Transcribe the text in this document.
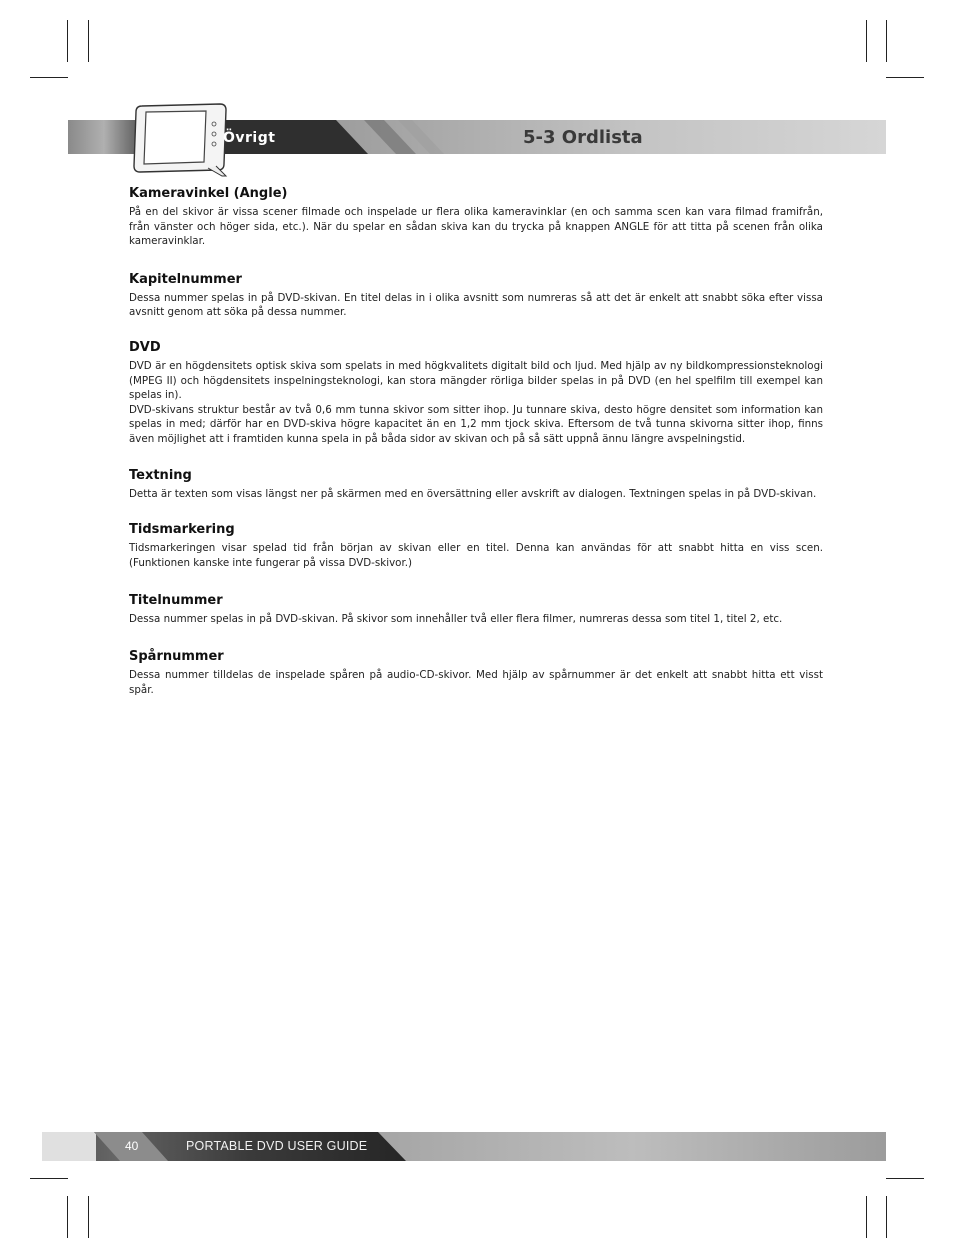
Övrigt	5-3 Ordlista
Kameravinkel (Angle)

På en del skivor är vissa scener filmade och inspelade ur flera olika kameravinklar (en och samma scen kan vara filmad framifrån, från vänster och höger sida, etc.). När du spelar en sådan skiva kan du trycka på knappen ANGLE för att titta på scenen från olika kameravinklar.

Kapitelnummer

Dessa nummer spelas in på DVD-skivan. En titel delas in i olika avsnitt som numreras så att det är enkelt att snabbt söka efter vissa avsnitt genom att söka på dessa nummer.

DVD

DVD är en högdensitets optisk skiva som spelats in med högkvalitets digitalt bild och ljud. Med hjälp av ny bildkompressionsteknologi (MPEG II) och högdensitets inspelningsteknologi, kan stora mängder rörliga bilder spelas in på DVD (en hel spelfilm till exempel kan spelas in).

DVD-skivans struktur består av två 0,6 mm tunna skivor som sitter ihop. Ju tunnare skiva, desto högre densitet som information kan spelas in med; därför har en DVD-skiva högre kapacitet än en 1,2 mm tjock skiva. Eftersom de två tunna skivorna sitter ihop, finns även möjlighet att i framtiden kunna spela in på båda sidor av skivan och på så sätt uppnå ännu längre avspelningstid.

Textning

Detta är texten som visas längst ner på skärmen med en översättning eller avskrift av dialogen. Textningen spelas in på DVD-skivan.

Tidsmarkering

Tidsmarkeringen visar spelad tid från början av skivan eller en titel. Denna kan användas för att snabbt hitta en viss scen. (Funktionen kanske inte fungerar på vissa DVD-skivor.)

Titelnummer

Dessa nummer spelas in på DVD-skivan. På skivor som innehåller två eller flera filmer, numreras dessa som titel 1, titel 2, etc.

Spårnummer

Dessa nummer tilldelas de inspelade spåren på audio-CD-skivor. Med hjälp av spårnummer är det enkelt att snabbt hitta ett visst spår.

40	PORTABLE DVD USER GUIDE
